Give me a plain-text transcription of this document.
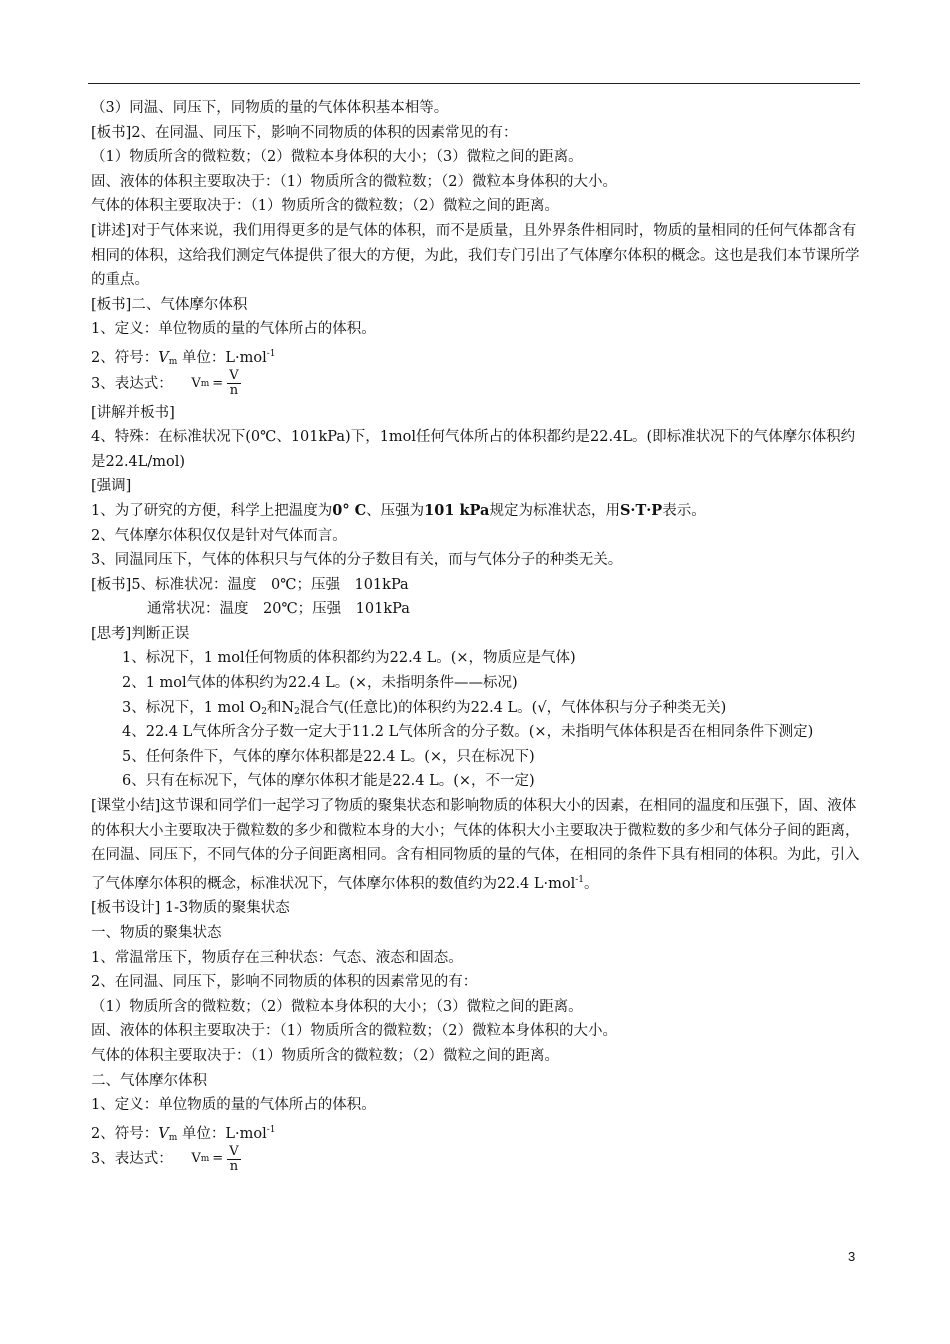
（3）同温、同压下，同物质的量的气体体积基本相等。
[板书]2、在同温、同压下，影响不同物质的体积的因素常见的有：
（1）物质所含的微粒数；（2）微粒本身体积的大小；（3）微粒之间的距离。
固、液体的体积主要取决于：（1）物质所含的微粒数；（2）微粒本身体积的大小。
气体的体积主要取决于：（1）物质所含的微粒数；（2）微粒之间的距离。
[讲述]对于气体来说，我们用得更多的是气体的体积，而不是质量，且外界条件相同时，物质的量相同的任何气体都含有相同的体积，这给我们测定气体提供了很大的方便，为此，我们专门引出了气体摩尔体积的概念。这也是我们本节课所学的重点。
[板书]二、气体摩尔体积
1、定义：单位物质的量的气体所占的体积。
2、符号：$V_m$ 单位：L·mol$^{-1}$
3、表达式： V $m = \frac{V}{n}$
[讲解并板书]
4、特殊：在标准状况下(0℃、101kPa)下，1mol任何气体所占的体积都约是22.4L。(即标准状况下的气体摩尔体积约是22.4L/mol)
[强调]
1、为了研究的方便，科学上把温度为0° C、压强为101 kPa规定为标准状态，用S·T·P表示。
2、气体摩尔体积仅仅是针对气体而言。
3、同温同压下，气体的体积只与气体的分子数目有关，而与气体分子的种类无关。
[板书]5、标准状况：温度　0℃；压强　101kPa
通常状况：温度　20℃；压强　101kPa
[思考]判断正误
1、标况下，1 mol任何物质的体积都约为22.4 L。(×，物质应是气体)
2、1 mol气体的体积约为22.4 L。(×，未指明条件——标况)
3、标况下，1 mol $O_2$和$N_2$混合气(任意比)的体积约为22.4 L。(√，气体体积与分子种类无关)
4、22.4 L气体所含分子数一定大于11.2 L气体所含的分子数。(×，未指明气体体积是否在相同条件下测定)
5、任何条件下，气体的摩尔体积都是22.4 L。(×，只在标况下)
6、只有在标况下，气体的摩尔体积才能是22.4 L。(×，不一定)
[课堂小结]这节课和同学们一起学习了物质的聚集状态和影响物质的体积大小的因素，在相同的温度和压强下，固、液体的体积大小主要取决于微粒数的多少和微粒本身的大小；气体的体积大小主要取决于微粒数的多少和气体分子间的距离，在同温、同压下，不同气体的分子间距离相同。含有相同物质的量的气体，在相同的条件下具有相同的体积。为此，引入了气体摩尔体积的概念，标准状况下，气体摩尔体积的数值约为22.4 L·mol$^{-1}$。
[板书设计] 1-3物质的聚集状态
一、物质的聚集状态
1、常温常压下，物质存在三种状态：气态、液态和固态。
2、在同温、同压下，影响不同物质的体积的因素常见的有：
（1）物质所含的微粒数；（2）微粒本身体积的大小；（3）微粒之间的距离。
固、液体的体积主要取决于：（1）物质所含的微粒数；（2）微粒本身体积的大小。
气体的体积主要取决于：（1）物质所含的微粒数；（2）微粒之间的距离。
二、气体摩尔体积
1、定义：单位物质的量的气体所占的体积。
2、符号：$V_m$ 单位：L·mol$^{-1}$
3、表达式： V $m = \frac{V}{n}$
3
